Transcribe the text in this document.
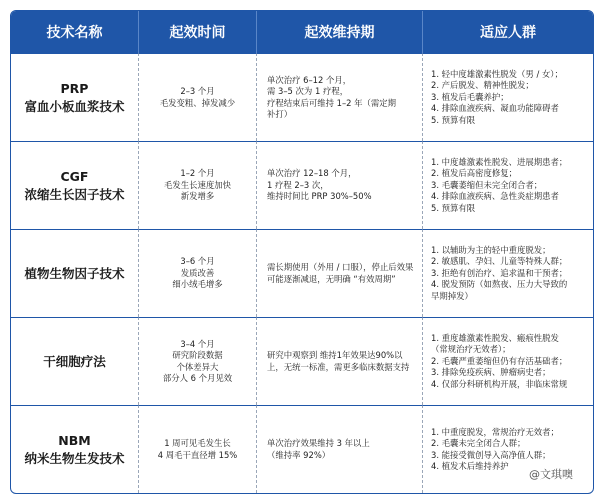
技术名称	起效时间	起效维持期	适应人群

PRP
富血小板血浆技术	2–3 个月
毛发变粗、掉发减少	单次治疗 6–12 个月，
需 3–5 次为 1 疗程，
疗程结束后可维持 1–2 年（需定期
补打）	1. 轻中度雄激素性脱发（男 / 女）；
2. 产后脱发、精神性脱发；
3. 植发后毛囊养护；
4. 排除血液疾病、凝血功能障碍者
5. 预算有限

CGF
浓缩生长因子技术	1–2 个月
毛发生长速度加快
新发增多	单次治疗 12–18 个月，
1 疗程 2–3 次，
维持时间比 PRP 30%–50%	1. 中度雄激素性脱发、进展期患者；
2. 植发后高密度修复；
3. 毛囊萎缩但未完全闭合者；
4. 排除血液疾病、急性炎症期患者
5. 预算有限

植物生物因子技术	3–6 个月
发质改善
细小绒毛增多	需长期使用（外用 / 口服），停止后效果可能逐渐减退，无明确 “有效周期”	1. 以辅助为主的轻中重度脱发；
2. 敏感肌、孕妇、儿童等特殊人群；
3. 拒绝有创治疗、追求温和干预者；
4. 脱发预防（如熬夜、压力大导致的
早期掉发）

干细胞疗法	3–4 个月
研究阶段数据
个体差异大
部分人 6 个月见效	研究中观察到 维持1年效果达90%以上，无统一标准，需更多临床数据支持	1. 重度雄激素性脱发、瘢痕性脱发
（常规治疗无效者）；
2. 毛囊严重萎缩但仍有存活基础者；
3. 排除免疫疾病、肿瘤病史者；
4. 仅部分科研机构开展，非临床常规

NBM
纳米生物生发技术	1 周可见毛发生长
4 周毛干直径增 15%	单次治疗效果维持 3 年以上
（维持率 92%）	1. 中重度脱发，常规治疗无效者；
2. 毛囊未完全闭合人群；
3. 能接受微创导入高净值人群；
4. 植发术后维持养护
@文琪噢
